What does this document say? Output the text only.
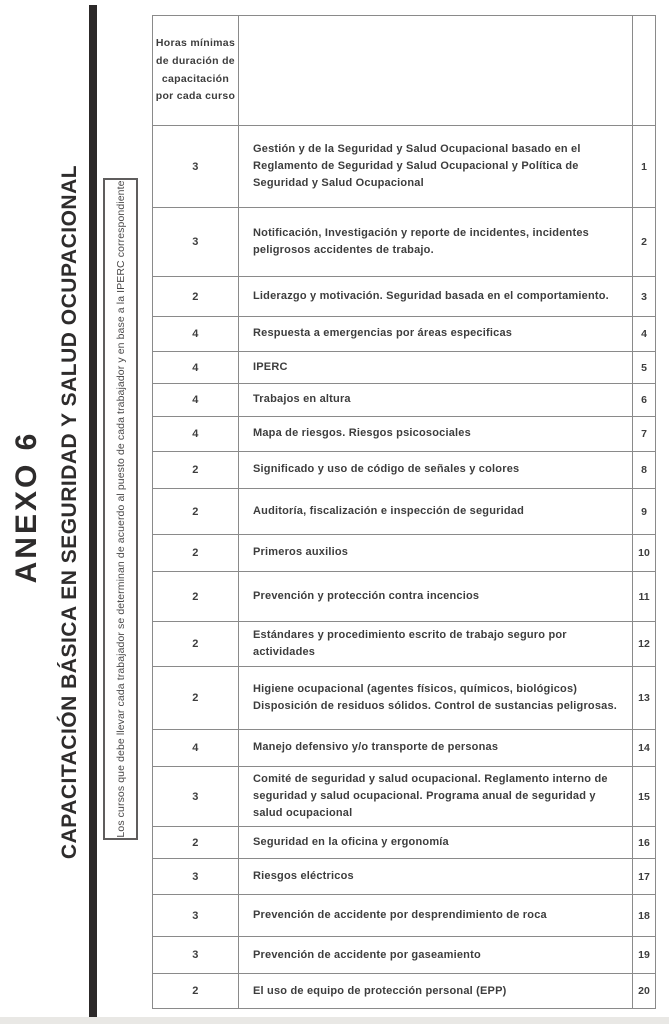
ANEXO 6 CAPACITACIÓN BÁSICA EN SEGURIDAD Y SALUD OCUPACIONAL	Los cursos que debe llevar cada trabajador se determinan de acuerdo al puesto de cada trabajador y en base a la IPERC correspondiente
Horas mínimas de duración de capacitación por cada curso		
3	Gestión y de la Seguridad y Salud Ocupacional basado en el Reglamento de Seguridad y Salud Ocupacional y Política de Seguridad y Salud Ocupacional	1
3	Notificación, Investigación y reporte de incidentes, incidentes peligrosos accidentes de trabajo.	2
2	Liderazgo y motivación. Seguridad basada en el comportamiento.	3
4	Respuesta a emergencias por áreas especificas	4
4	IPERC	5
4	Trabajos en altura	6
4	Mapa de riesgos. Riesgos psicosociales	7
2	Significado y uso de código de señales y colores	8
2	Auditoría, fiscalización e inspección de seguridad	9
2	Primeros auxilios	10
2	Prevención y protección contra incencios	11
2	Estándares y procedimiento escrito de trabajo seguro por actividades	12
2	Higiene ocupacional (agentes físicos, químicos, biológicos) Disposición de residuos sólidos. Control de sustancias peligrosas.	13
4	Manejo defensivo y/o transporte de personas	14
3	Comité de seguridad y salud ocupacional. Reglamento interno de seguridad y salud ocupacional. Programa anual de seguridad y salud ocupacional	15
2	Seguridad en la oficina y ergonomía	16
3	Riesgos eléctricos	17
3	Prevención de accidente por desprendimiento de roca	18
3	Prevención de accidente por gaseamiento	19
2	El uso de equipo de protección personal (EPP)	20
